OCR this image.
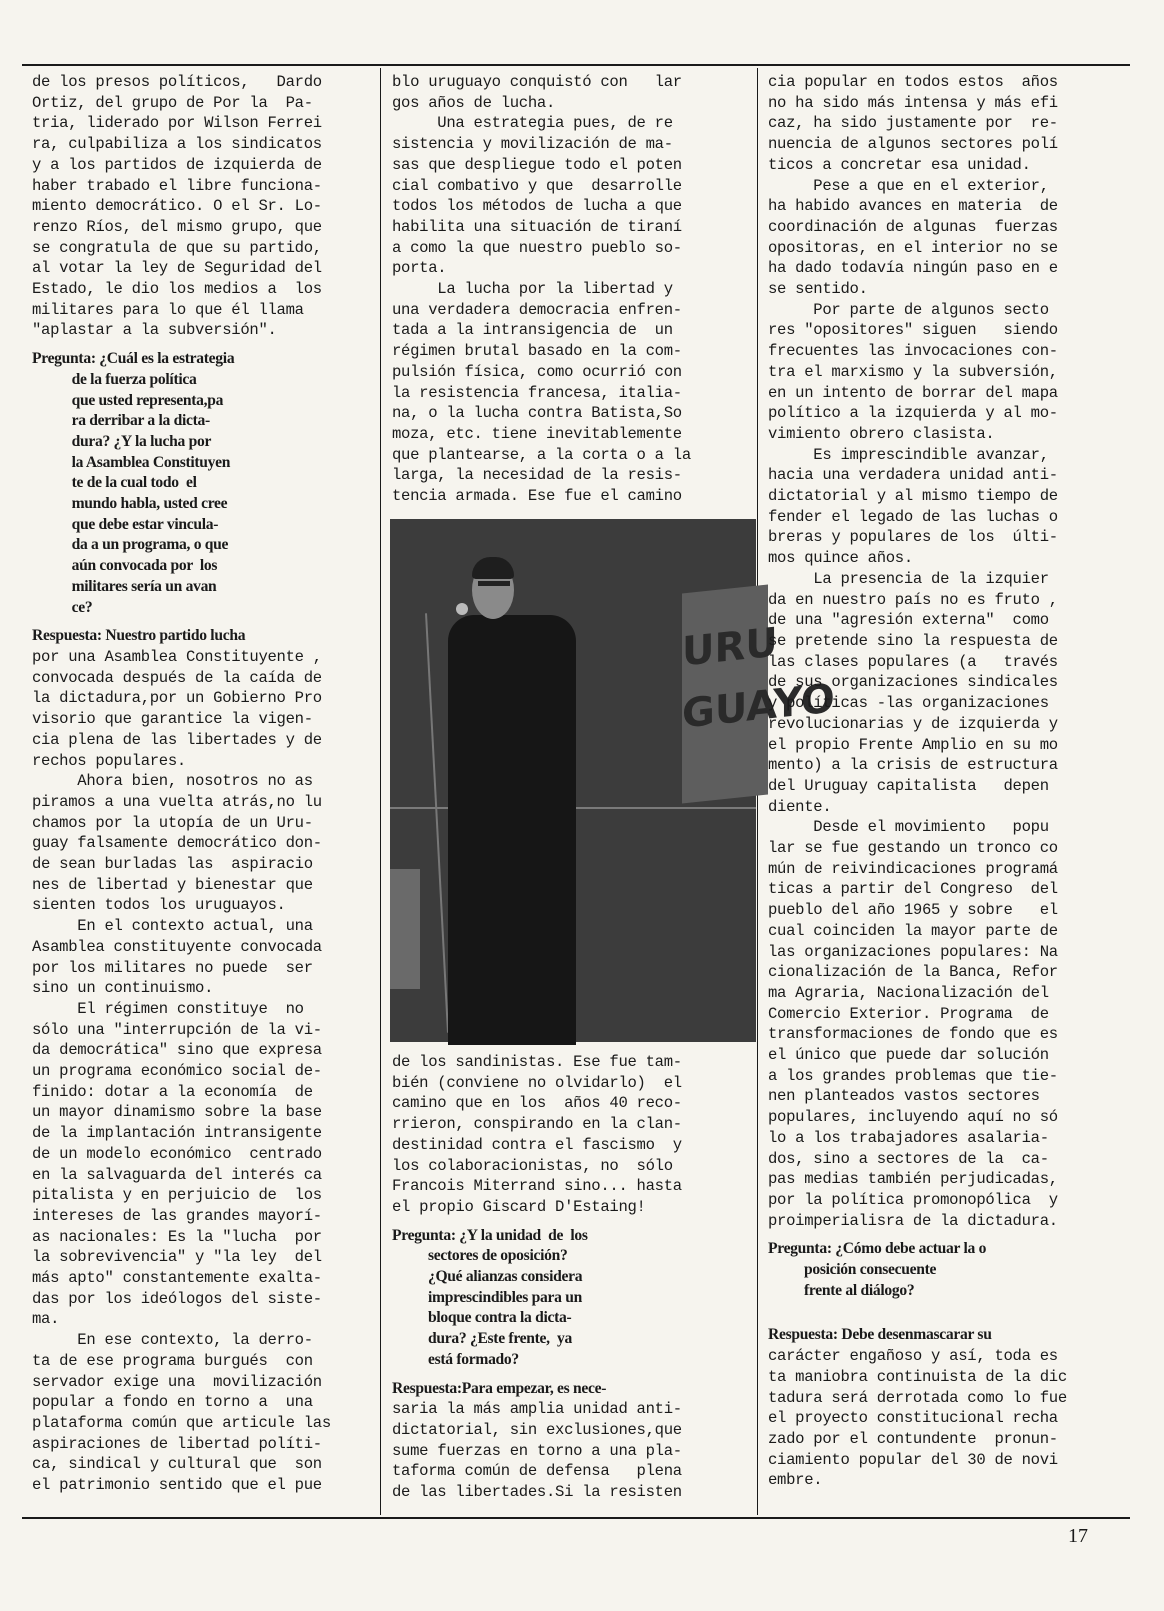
de los presos políticos,   Dardo

Ortiz, del grupo de Por la  Pa-

tria, liderado por Wilson Ferrei

ra, culpabiliza a los sindicatos

y a los partidos de izquierda de

haber trabado el libre funciona-

miento democrático. O el Sr. Lo-

renzo Ríos, del mismo grupo, que

se congratula de que su partido,

al votar la ley de Seguridad del

Estado, le dio los medios a  los

militares para lo que él llama

"aplastar a la subversión".

Pregunta: ¿Cuál es la estrategia

de la fuerza política

que usted representa,pa

ra derribar a la dicta-

dura? ¿Y la lucha por

la Asamblea Constituyen

te de la cual todo  el

mundo habla, usted cree

que debe estar vincula-

da a un programa, o que

aún convocada por  los

militares sería un avan

ce?

Respuesta: Nuestro partido lucha

por una Asamblea Constituyente ,

convocada después de la caída de

la dictadura,por un Gobierno Pro

visorio que garantice la vigen-

cia plena de las libertades y de

rechos populares.

Ahora bien, nosotros no as

piramos a una vuelta atrás,no lu

chamos por la utopía de un Uru-

guay falsamente democrático don-

de sean burladas las  aspiracio

nes de libertad y bienestar que

sienten todos los uruguayos.

En el contexto actual, una

Asamblea constituyente convocada

por los militares no puede  ser

sino un continuismo.

El régimen constituye  no

sólo una "interrupción de la vi-

da democrática" sino que expresa

un programa económico social de-

finido: dotar a la economía  de

un mayor dinamismo sobre la base

de la implantación intransigente

de un modelo económico  centrado

en la salvaguarda del interés ca

pitalista y en perjuicio de  los

intereses de las grandes mayorí-

as nacionales: Es la "lucha  por

la sobrevivencia" y "la ley  del

más apto" constantemente exalta-

das por los ideólogos del siste-

ma.

En ese contexto, la derro-

ta de ese programa burgués  con

servador exige una  movilización

popular a fondo en torno a  una

plataforma común que articule las

aspiraciones de libertad políti-

ca, sindical y cultural que  son

el patrimonio sentido que el pue

blo uruguayo conquistó con   lar

gos años de lucha.

Una estrategia pues, de re

sistencia y movilización de ma-

sas que despliegue todo el poten

cial combativo y que  desarrolle

todos los métodos de lucha a que

habilita una situación de tiraní

a como la que nuestro pueblo so-

porta.

La lucha por la libertad y

una verdadera democracia enfren-

tada a la intransigencia de  un

régimen brutal basado en la com-

pulsión física, como ocurrió con

la resistencia francesa, italia-

na, o la lucha contra Batista,So

moza, etc. tiene inevitablemente

que plantearse, a la corta o a la

larga, la necesidad de la resis-

tencia armada. Ese fue el camino

URU
GUAYO

de los sandinistas. Ese fue tam-

bién (conviene no olvidarlo)  el

camino que en los  años 40 reco-

rrieron, conspirando en la clan-

destinidad contra el fascismo  y

los colaboracionistas, no  sólo

Francois Miterrand sino... hasta

el propio Giscard D'Estaing!

Pregunta: ¿Y la unidad  de  los

sectores de oposición?

¿Qué alianzas considera

imprescindibles para un

bloque contra la dicta-

dura? ¿Este frente,  ya

está formado?

Respuesta:Para empezar, es nece-

saria la más amplia unidad anti-

dictatorial, sin exclusiones,que

sume fuerzas en torno a una pla-

taforma común de defensa   plena

de las libertades.Si la resisten

cia popular en todos estos  años

no ha sido más intensa y más efi

caz, ha sido justamente por  re-

nuencia de algunos sectores polí

ticos a concretar esa unidad.

Pese a que en el exterior,

ha habido avances en materia  de

coordinación de algunas  fuerzas

opositoras, en el interior no se

ha dado todavía ningún paso en e

se sentido.

Por parte de algunos secto

res "opositores" siguen   siendo

frecuentes las invocaciones con-

tra el marxismo y la subversión,

en un intento de borrar del mapa

político a la izquierda y al mo-

vimiento obrero clasista.

Es imprescindible avanzar,

hacia una verdadera unidad anti-

dictatorial y al mismo tiempo de

fender el legado de las luchas o

breras y populares de los  últi-

mos quince años.

La presencia de la izquier

da en nuestro país no es fruto ,

de una "agresión externa"  como

se pretende sino la respuesta de

las clases populares (a   través

de sus organizaciones sindicales

y políticas -las organizaciones

revolucionarias y de izquierda y

el propio Frente Amplio en su mo

mento) a la crisis de estructura

del Uruguay capitalista   depen

diente.

Desde el movimiento   popu

lar se fue gestando un tronco co

mún de reivindicaciones programá

ticas a partir del Congreso  del

pueblo del año 1965 y sobre   el

cual coinciden la mayor parte de

las organizaciones populares: Na

cionalización de la Banca, Refor

ma Agraria, Nacionalización del

Comercio Exterior. Programa  de

transformaciones de fondo que es

el único que puede dar solución

a los grandes problemas que tie-

nen planteados vastos sectores

populares, incluyendo aquí no só

lo a los trabajadores asalaria-

dos, sino a sectores de la  ca-

pas medias también perjudicadas,

por la política promonopólica  y

proimperialisra de la dictadura.

Pregunta: ¿Cómo debe actuar la o

posición consecuente

frente al diálogo?

Respuesta: Debe desenmascarar su

carácter engañoso y así, toda es

ta maniobra continuista de la dic

tadura será derrotada como lo fue

el proyecto constitucional recha

zado por el contundente  pronun-

ciamiento popular del 30 de novi

embre.

17
